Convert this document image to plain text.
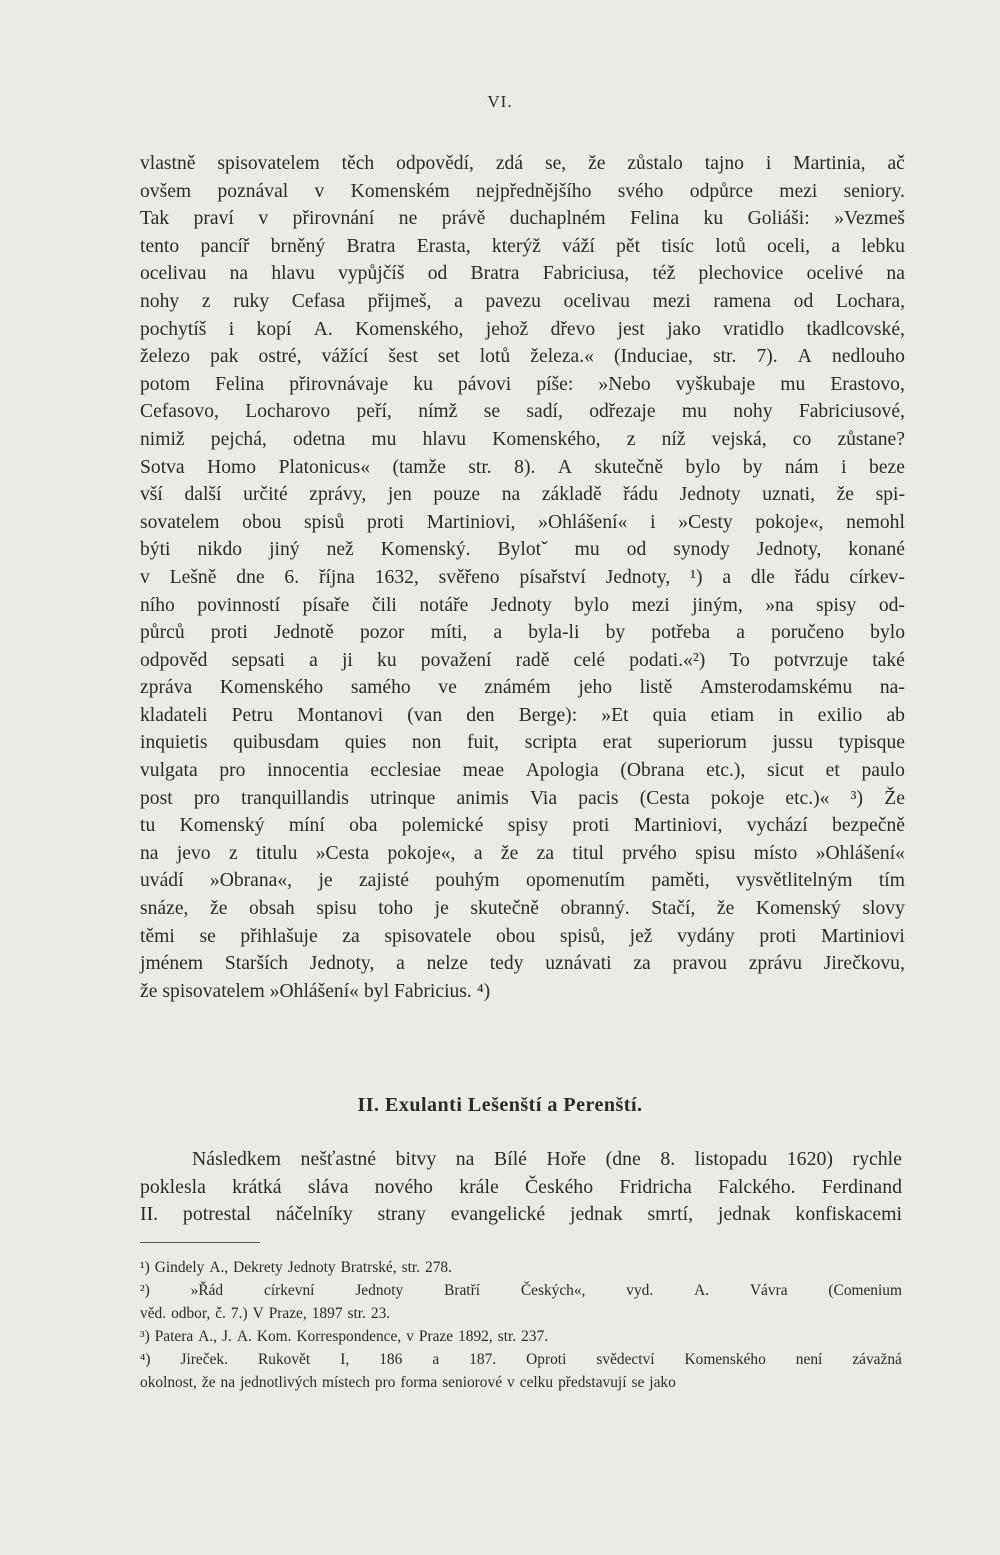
VI.
vlastně spisovatelem těch odpovědí, zdá se, že zůstalo tajno i Martinia, ač
ovšem poznával v Komenském nejpřednějšího svého odpůrce mezi seniory.
Tak praví v přirovnání ne právě duchaplném Felina ku Goliáši: »Vezmeš
tento pancíř brněný Bratra Erasta, kterýž váží pět tisíc lotů oceli, a lebku
ocelivau na hlavu vypůjčíš od Bratra Fabriciusa, též plechovice ocelivé na
nohy z ruky Cefasa přijmeš, a pavezu ocelivau mezi ramena od Lochara,
pochytíš i kopí A. Komenského, jehož dřevo jest jako vratidlo tkadlcovské,
železo pak ostré, vážící šest set lotů železa.« (Induciae, str. 7). A nedlouho
potom Felina přirovnávaje ku pávovi píše: »Nebo vyškubaje mu Erastovo,
Cefasovo, Locharovo peří, nímž se sadí, odřezaje mu nohy Fabriciusové,
nimiž pejchá, odetna mu hlavu Komenského, z níž vejská, co zůstane?
Sotva Homo Platonicus« (tamže str. 8). A skutečně bylo by nám i beze
vší další určité zprávy, jen pouze na základě řádu Jednoty uznati, že spi-
sovatelem obou spisů proti Martiniovi, »Ohlášení« i »Cesty pokoje«, nemohl
býti nikdo jiný než Komenský. Bylotˇ mu od synody Jednoty, konané
v Lešně dne 6. října 1632, svěřeno písařství Jednoty, ¹) a dle řádu církev-
ního povinností písaře čili notáře Jednoty bylo mezi jiným, »na spisy od-
půrců proti Jednotě pozor míti, a byla-li by potřeba a poručeno bylo
odpověd sepsati a ji ku považení radě celé podati.«²) To potvrzuje také
zpráva Komenského samého ve známém jeho listě Amsterodamskému na-
kladateli Petru Montanovi (van den Berge): »Et quia etiam in exilio ab
inquietis quibusdam quies non fuit, scripta erat superiorum jussu typisque
vulgata pro innocentia ecclesiae meae Apologia (Obrana etc.), sicut et paulo
post pro tranquillandis utrinque animis Via pacis (Cesta pokoje etc.)« ³) Že
tu Komenský míní oba polemické spisy proti Martiniovi, vychází bezpečně
na jevo z titulu »Cesta pokoje«, a že za titul prvého spisu místo »Ohlášení«
uvádí »Obrana«, je zajisté pouhým opomenutím paměti, vysvětlitelným tím
snáze, že obsah spisu toho je skutečně obranný. Stačí, že Komenský slovy
těmi se přihlašuje za spisovatele obou spisů, jež vydány proti Martiniovi
jménem Starších Jednoty, a nelze tedy uznávati za pravou zprávu Jirečkovu,
že spisovatelem »Ohlášení« byl Fabricius. ⁴)
II. Exulanti Lešenští a Perenští.
Následkem nešťastné bitvy na Bílé Hoře (dne 8. listopadu 1620) rychle
poklesla krátká sláva nového krále Českého Fridricha Falckého. Ferdinand
II. potrestal náčelníky strany evangelické jednak smrtí, jednak konfiskacemi
¹) Gindely A., Dekrety Jednoty Bratrské, str. 278.
²)	»Řád	církevní	Jednoty	Bratří	Českých«,	vyd.	A.	Vávra	(Comenium
věd. odbor, č. 7.) V Praze, 1897 str. 23.
³) Patera A., J. A. Kom. Korrespondence, v Praze 1892, str. 237.
⁴) Jireček. Rukovět I, 186 a 187. Oproti svědectví Komenského není závažná
okolnost, že na jednotlivých místech pro forma seniorové v celku představují se jako
